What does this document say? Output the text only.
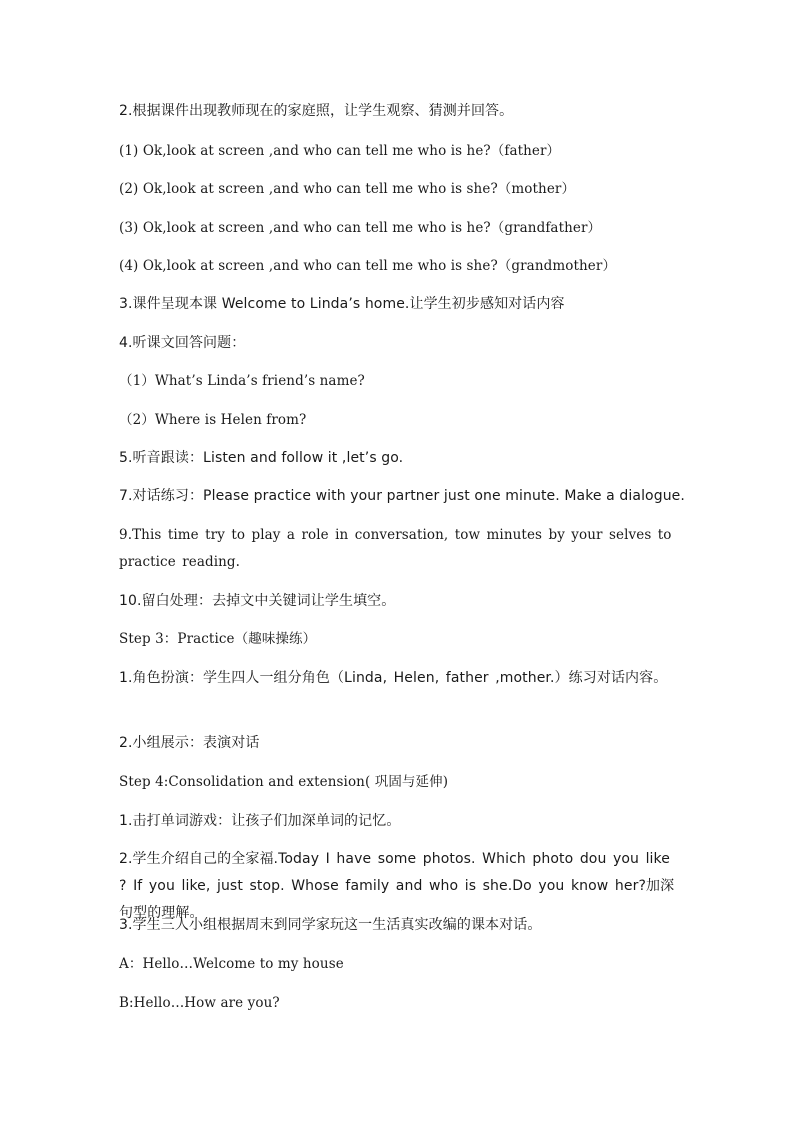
2.根据课件出现教师现在的家庭照，让学生观察、猜测并回答。
(1) Ok,look at screen ,and who can tell me who is he?（father）
(2) Ok,look at screen ,and who can tell me who is she?（mother）
(3) Ok,look at screen ,and who can tell me who is he?（grandfather）
(4) Ok,look at screen ,and who can tell me who is she?（grandmother）
3.课件呈现本课 Welcome to Linda’s home.让学生初步感知对话内容
4.听课文回答问题：
（1）What’s Linda’s friend’s name?
（2）Where is Helen from?
5.听音跟读：Listen and follow it ,let’s go.
7.对话练习：Please practice with your partner just one minute. Make a dialogue.
9.This time try to play a role in conversation, tow minutes by your selves to practice reading.
10.留白处理：去掉文中关键词让学生填空。
Step 3：Practice（趣味操练）
1.角色扮演：学生四人一组分角色（Linda, Helen, father ,mother.）练习对话内容。
2.小组展示：表演对话
Step 4:Consolidation and extension( 巩固与延伸)
1.击打单词游戏：让孩子们加深单词的记忆。
2.学生介绍自己的全家福.Today I have some photos. Which photo dou you like ? If you like, just stop. Whose family and who is she.Do you know her?加深句型的理解。
3.学生三人小组根据周末到同学家玩这一生活真实改编的课本对话。
A：Hello…Welcome to my house
B:Hello…How are you?
